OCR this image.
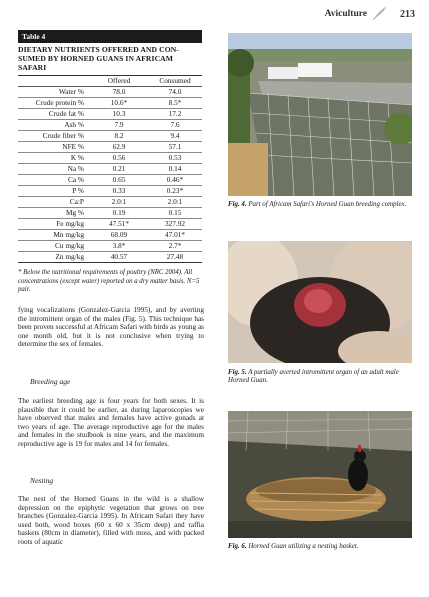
Aviculture	213
Table 4
DIETARY NUTRIENTS OFFERED AND CON-SUMED BY HORNED GUANS IN AFRICAM SAFARI
	Offered	Consumed
Water %	78.0	74.0
Crude protein %	10.6*	8.5*
Crude fat %	10.3	17.2
Ash %	7.9	7.6
Crude fiber %	8.2	9.4
NFE %	62.9	57.1
K %	0.56	0.53
Na %	0.21	0.14
Ca %	0.65	0.46*
P %	0.33	0.23*
Ca:P	2.0:1	2.0:1
Mg %	0.19	0.15
Fe mg/kg	47.51*	327.92
Mn mg/kg	68.09	47.01*
Cu mg/kg	3.8*	2.7*
Zn mg/kg	40.57	27.48
* Below the nutritional requirements of poultry (NRC 2004). All concentrations (except water) reported on a dry matter basis. N=5 pair.
fying vocalizations (Gonzalez-Garcia 1995), and by averting the intromittent organ of the males (Fig. 5). This technique has been proven successful at Africam Safari with birds as young as one month old, but it is not conclusive when trying to determine the sex of females.
Breeding age
The earliest breeding age is four years for both sexes. It is plausible that it could be earlier, as during laparoscopies we have observed that males and females have active gonads at two years of age. The average reproductive age for the males and females in the studbook is nine years, and the maximum reproductive age is 19 for males and 14 for females.
Nesting
The nest of the Horned Guans in the wild is a shallow depression on the epiphytic vegetation that grows on tree branches (Gonzalez-Garcia 1995). In Africam Safari they have used both, wood boxes (60 x 60 x 35cm deep) and raffia baskets (80cm in diameter), filled with moss, and with packed roots of aquatic
Fig. 4. Part of Africam Safari's Horned Guan breeding complex.
Fig. 5. A partially averted intromittent organ of an adult male Horned Guan.
Fig. 6. Horned Guan utilizing a nesting basket.
